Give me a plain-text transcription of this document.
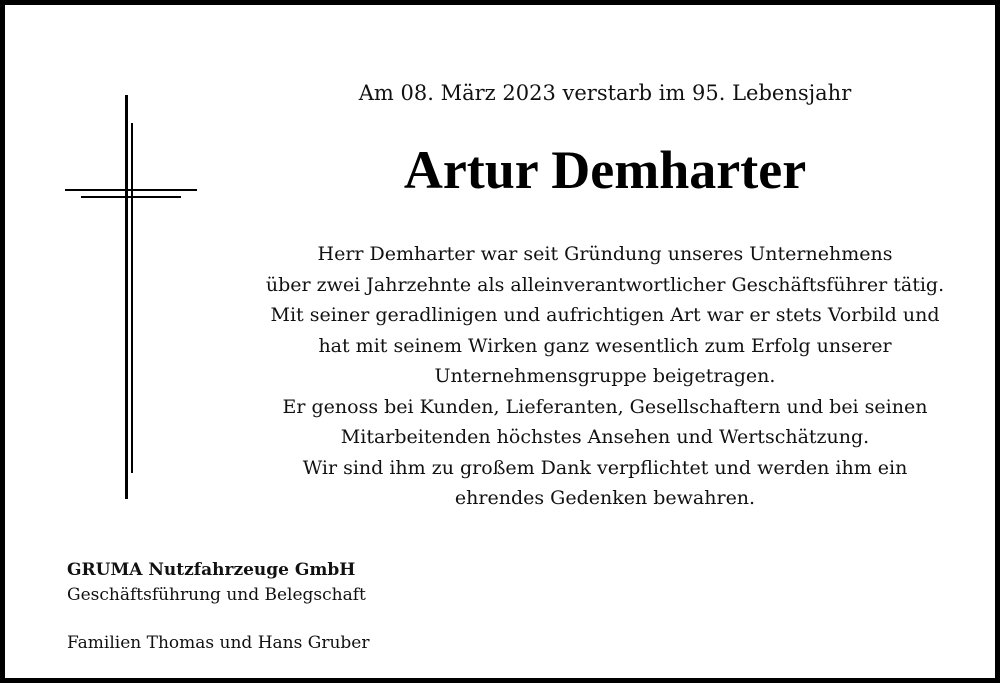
Am 08. März 2023 verstarb im 95. Lebensjahr
Artur Demharter
Herr Demharter war seit Gründung unseres Unternehmens
über zwei Jahrzehnte als alleinverantwortlicher Geschäftsführer tätig.
Mit seiner geradlinigen und aufrichtigen Art war er stets Vorbild und
hat mit seinem Wirken ganz wesentlich zum Erfolg unserer
Unternehmensgruppe beigetragen.
Er genoss bei Kunden, Lieferanten, Gesellschaftern und bei seinen
Mitarbeitenden höchstes Ansehen und Wertschätzung.
Wir sind ihm zu großem Dank verpflichtet und werden ihm ein
ehrendes Gedenken bewahren.
GRUMA Nutzfahrzeuge GmbH
Geschäftsführung und Belegschaft
Familien Thomas und Hans Gruber
